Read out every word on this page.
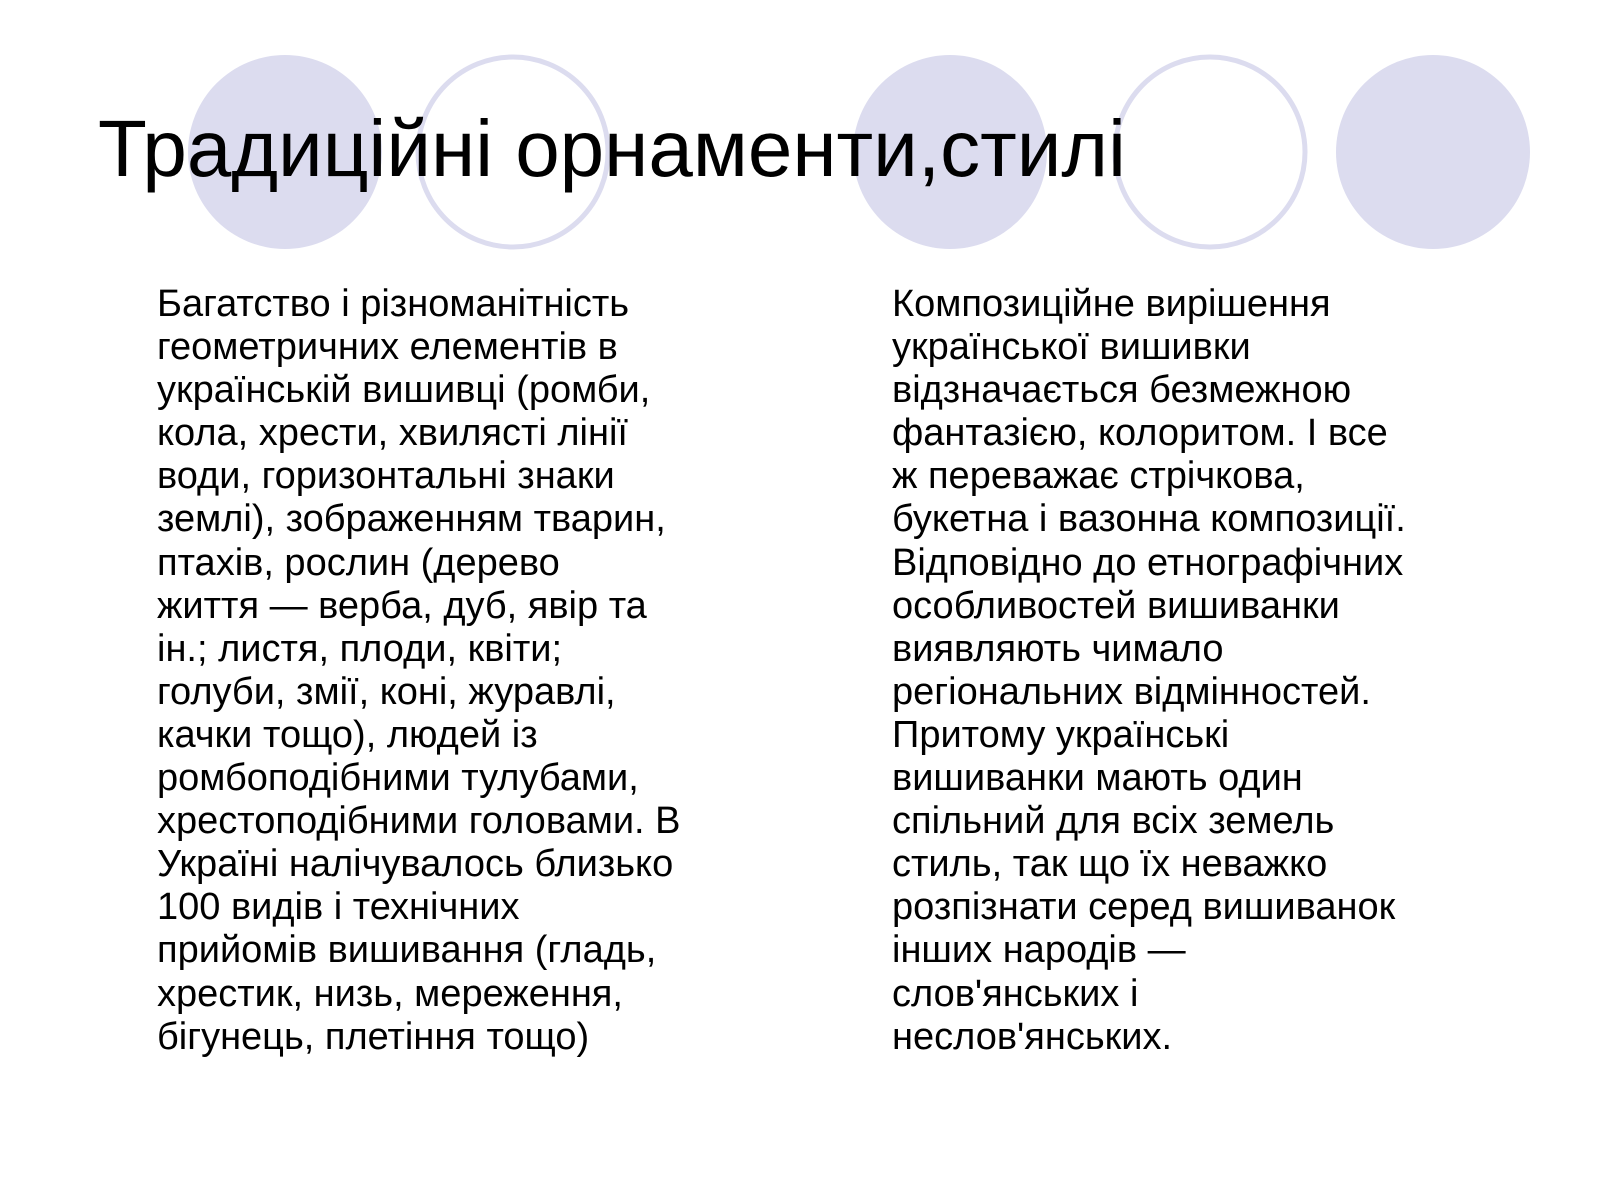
Традиційні орнаменти,стилі

Багатство і різноманітність
геометричних елементів в
українській вишивці (ромби,
кола, хрести, хвилясті лінії
води, горизонтальні знаки
землі), зображенням тварин,
птахів, рослин (дерево
життя — верба, дуб, явір та
ін.; листя, плоди, квіти;
голуби, змії, коні, журавлі,
качки тощо), людей із
ромбоподібними тулубами,
хрестоподібними головами. В
Україні налічувалось близько
100 видів і технічних
прийомів вишивання (гладь,
хрестик, низь, мереження,
бігунець, плетіння тощо)

Композиційне вирішення
української вишивки
відзначається безмежною
фантазією, колоритом. І все
ж переважає стрічкова,
букетна і вазонна композиції.
Відповідно до етнографічних
особливостей вишиванки
виявляють чимало
регіональних відмінностей.
Притому українські
вишиванки мають один
спільний для всіх земель
стиль, так що їх неважко
розпізнати серед вишиванок
інших народів —
слов'янських і
неслов'янських.
